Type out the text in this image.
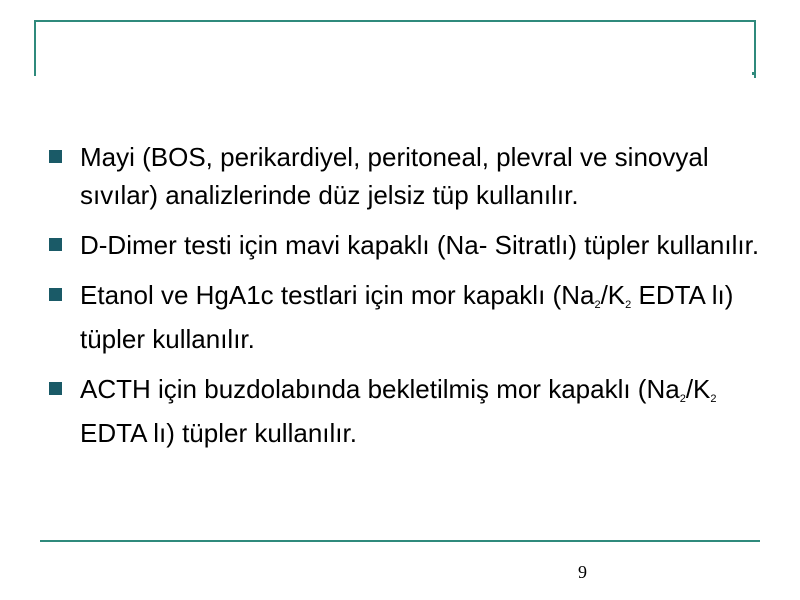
Mayi (BOS, perikardiyel, peritoneal, plevral ve sinovyal sıvılar) analizlerinde düz jelsiz tüp kullanılır.
D-Dimer testi için mavi kapaklı (Na- Sitratlı) tüpler kullanılır.
Etanol ve HgA1c testlari için mor kapaklı ($Na_2/K_2$ EDTA lı) tüpler kullanılır.
ACTH için buzdolabında bekletilmiş mor kapaklı ($Na_2/K_2$ EDTA lı) tüpler kullanılır.
9
